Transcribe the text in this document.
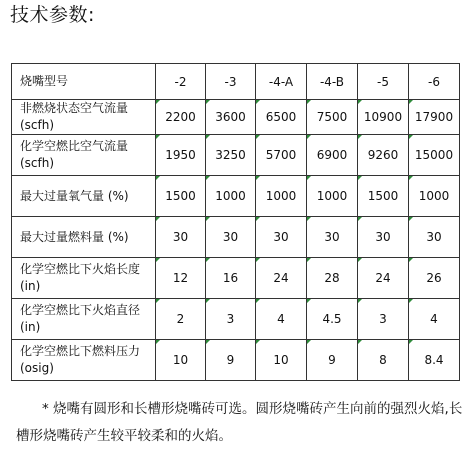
技术参数:
烧嘴型号	-2	-3	-4-A	-4-B	-5	-6

非燃烧状态空气流量
(scfh)	2200	3600	6500	7500	10900	17900

化学空燃比空气流量
(scfh)	1950	3250	5700	6900	9260	15000

最大过量氧气量 (%)	1500	1000	1000	1000	1500	1000

最大过量燃料量 (%)	30	30	30	30	30	30

化学空燃比下火焰长度
(in)	12	16	24	28	24	26

化学空燃比下火焰直径
(in)	2	3	4	4.5	3	4

化学空燃比下燃料压力
(osig)	10	9	10	9	8	8.4
* 烧嘴有圆形和长槽形烧嘴砖可选。圆形烧嘴砖产生向前的强烈火焰,长槽形烧嘴砖产生较平较柔和的火焰。
